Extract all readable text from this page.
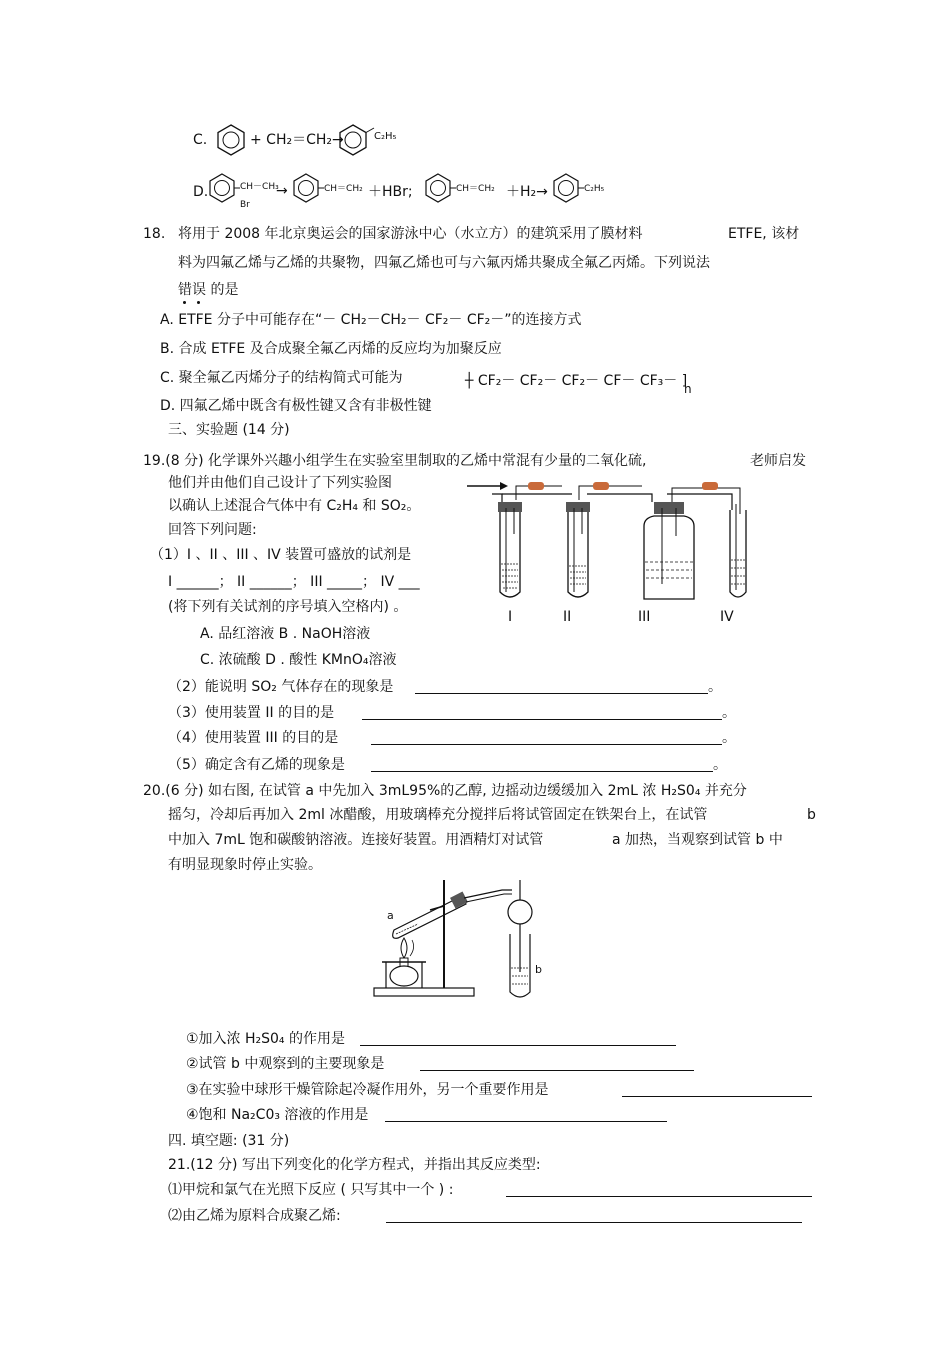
C.	+ CH₂＝CH₂→	C₂H₅
D.	CH－CH₃
Br
→	CH＝CH₂ ＋HBr;	CH＝CH₂ ＋H₂→	C₂H₅
18. 将用于 2008 年北京奥运会的国家游泳中心（水立方）的建筑采用了膜材料	ETFE, 该材
料为四氟乙烯与乙烯的共聚物，四氟乙烯也可与六氟丙烯共聚成全氟乙丙烯。下列说法
错误 的是
A. ETFE 分子中可能存在“－ CH₂－CH₂－ CF₂－ CF₂－”的连接方式
B. 合成 ETFE 及合成聚全氟乙丙烯的反应均为加聚反应
C. 聚全氟乙丙烯分子的结构简式可能为	┼ CF₂－ CF₂－ CF₂－ CF－ CF₃－ ]
n
D. 四氟乙烯中既含有极性键又含有非极性键
三、实验题 (14 分)
19.(8 分) 化学课外兴趣小组学生在实验室里制取的乙烯中常混有少量的二氧化硫,	老师启发
他们并由他们自己设计了下列实验图
以确认上述混合气体中有 C₂H₄ 和 SO₂。
回答下列问题:
（1）I 、II 、III 、IV 装置可盛放的试剂是
I ______； II ______； III _____； IV ___
(将下列有关试剂的序号填入空格内) 。
A. 品红溶液 B . NaOH溶液
C. 浓硫酸 D . 酸性 KMnO₄溶液
I	II	III	IV
（2）能说明 SO₂ 气体存在的现象是	。
（3）使用装置 II 的目的是	。
（4）使用装置 III 的目的是	。
（5）确定含有乙烯的现象是	。
20.(6 分) 如右图, 在试管 a 中先加入 3mL95%的乙醇, 边摇动边缓缓加入 2mL 浓 H₂S0₄ 并充分
摇匀，冷却后再加入 2ml 冰醋酸，用玻璃棒充分搅拌后将试管固定在铁架台上，在试管	b
中加入 7mL 饱和碳酸钠溶液。连接好装置。用酒精灯对试管	a 加热，当观察到试管 b 中
有明显现象时停止实验。
a
b
①加入浓 H₂S0₄ 的作用是
②试管 b 中观察到的主要现象是
③在实验中球形干燥管除起冷凝作用外，另一个重要作用是
④饱和 Na₂C0₃ 溶液的作用是
四. 填空题: (31 分)
21.(12 分) 写出下列变化的化学方程式，并指出其反应类型:
⑴甲烷和氯气在光照下反应 ( 只写其中一个 ) :
⑵由乙烯为原料合成聚乙烯:
